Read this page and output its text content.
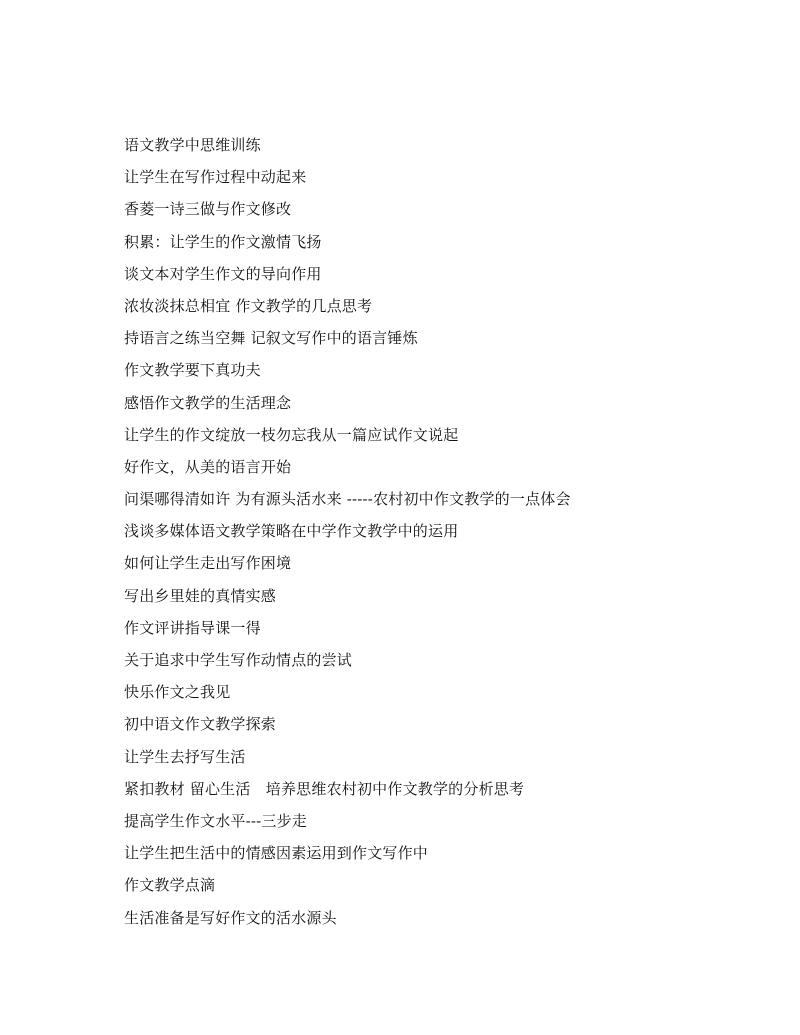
语文教学中思维训练
让学生在写作过程中动起来
香菱一诗三做与作文修改
积累：让学生的作文激情飞扬
谈文本对学生作文的导向作用
浓妆淡抹总相宜 作文教学的几点思考
持语言之练当空舞 记叙文写作中的语言锤炼
作文教学要下真功夫
感悟作文教学的生活理念
让学生的作文绽放一枝勿忘我从一篇应试作文说起
好作文，从美的语言开始
问渠哪得清如许 为有源头活水来 -----农村初中作文教学的一点体会
浅谈多媒体语文教学策略在中学作文教学中的运用
如何让学生走出写作困境
写出乡里娃的真情实感
作文评讲指导课一得
关于追求中学生写作动情点的尝试
快乐作文之我见
初中语文作文教学探索
让学生去抒写生活
紧扣教材 留心生活　培养思维农村初中作文教学的分析思考
提高学生作文水平---三步走
让学生把生活中的情感因素运用到作文写作中
作文教学点滴
生活准备是写好作文的活水源头
